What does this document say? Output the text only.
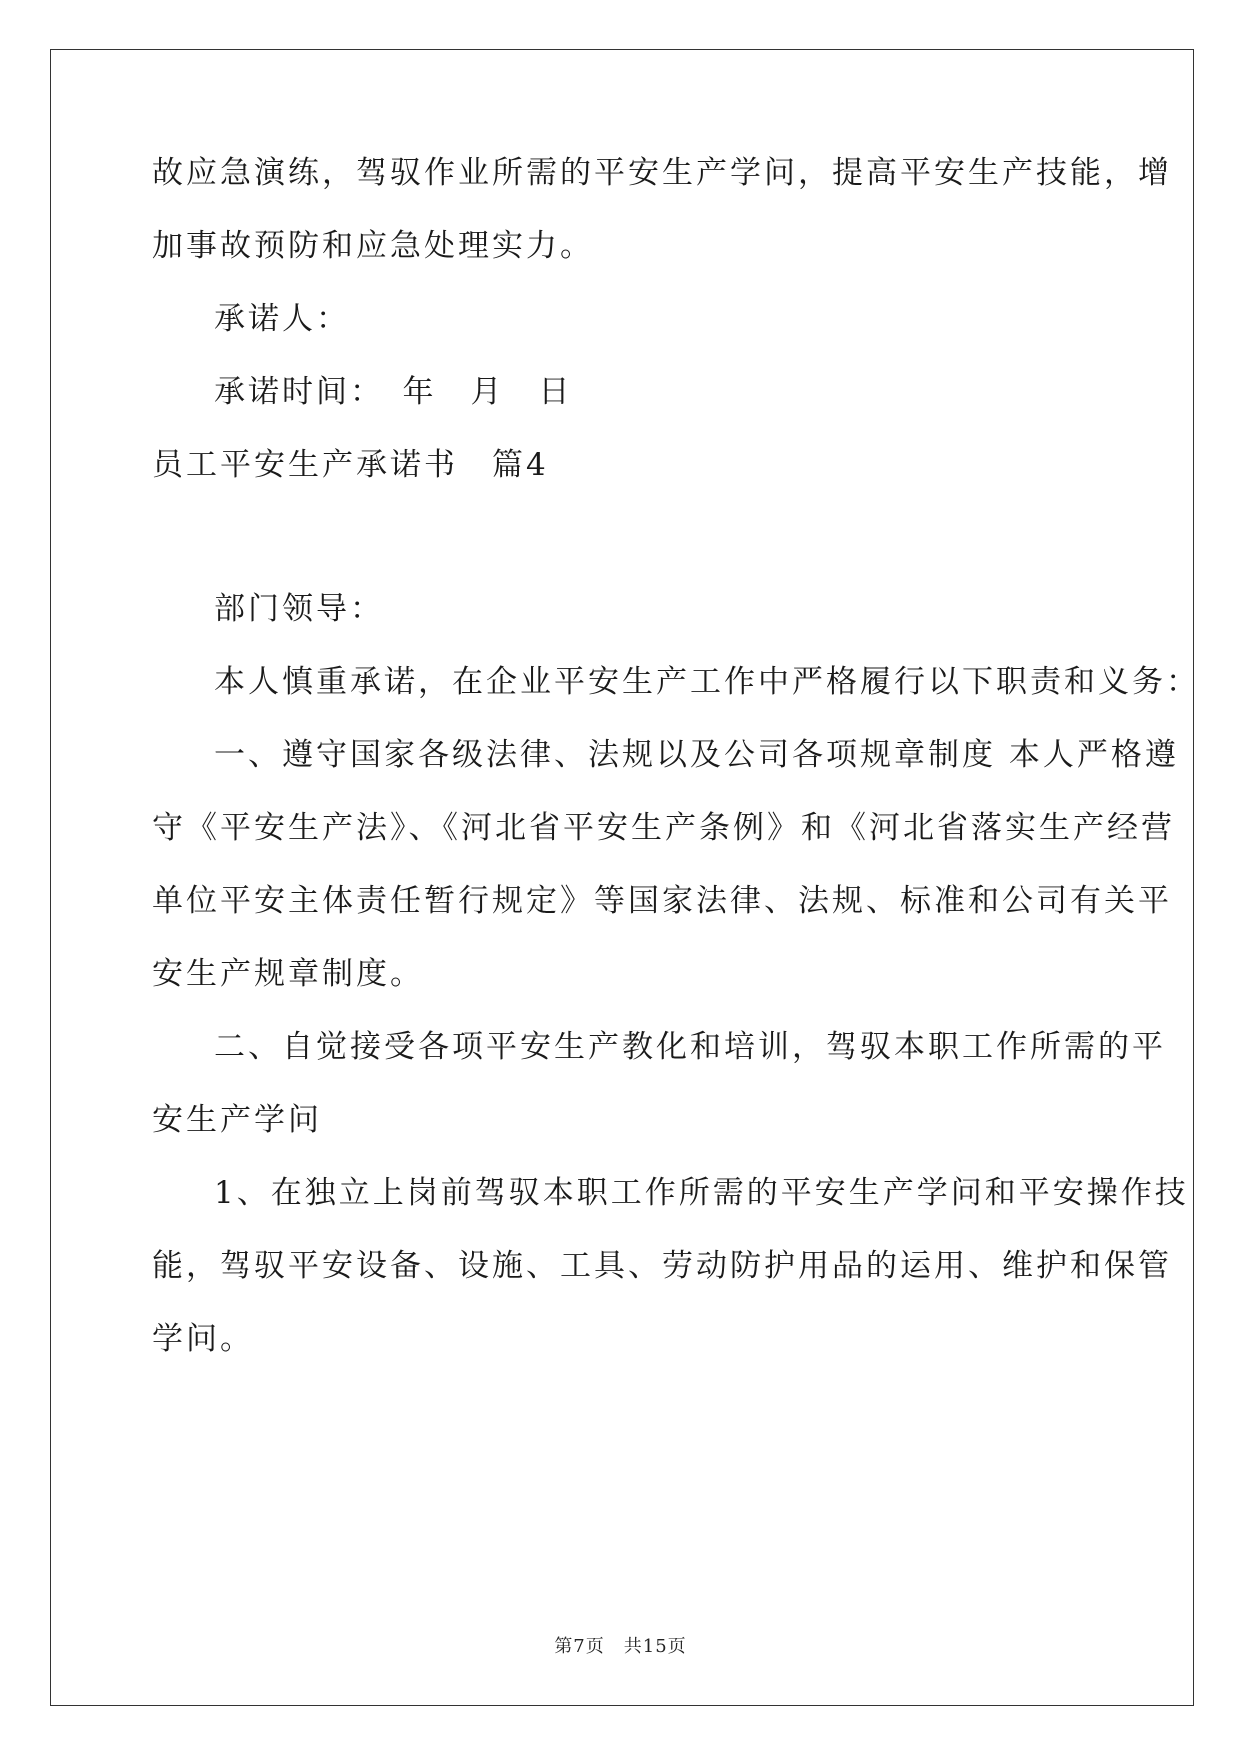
故应急演练，驾驭作业所需的平安生产学问，提高平安生产技能，增

加事故预防和应急处理实力。

承诺人：

承诺时间：　年　月　日

员工平安生产承诺书　篇4

部门领导：

本人慎重承诺，在企业平安生产工作中严格履行以下职责和义务：

一、遵守国家各级法律、法规以及公司各项规章制度 本人严格遵

守《平安生产法》、《河北省平安生产条例》和《河北省落实生产经营

单位平安主体责任暂行规定》等国家法律、法规、标准和公司有关平

安生产规章制度。

二、自觉接受各项平安生产教化和培训，驾驭本职工作所需的平

安生产学问

1、在独立上岗前驾驭本职工作所需的平安生产学问和平安操作技

能，驾驭平安设备、设施、工具、劳动防护用品的运用、维护和保管

学问。

第7页　共15页
